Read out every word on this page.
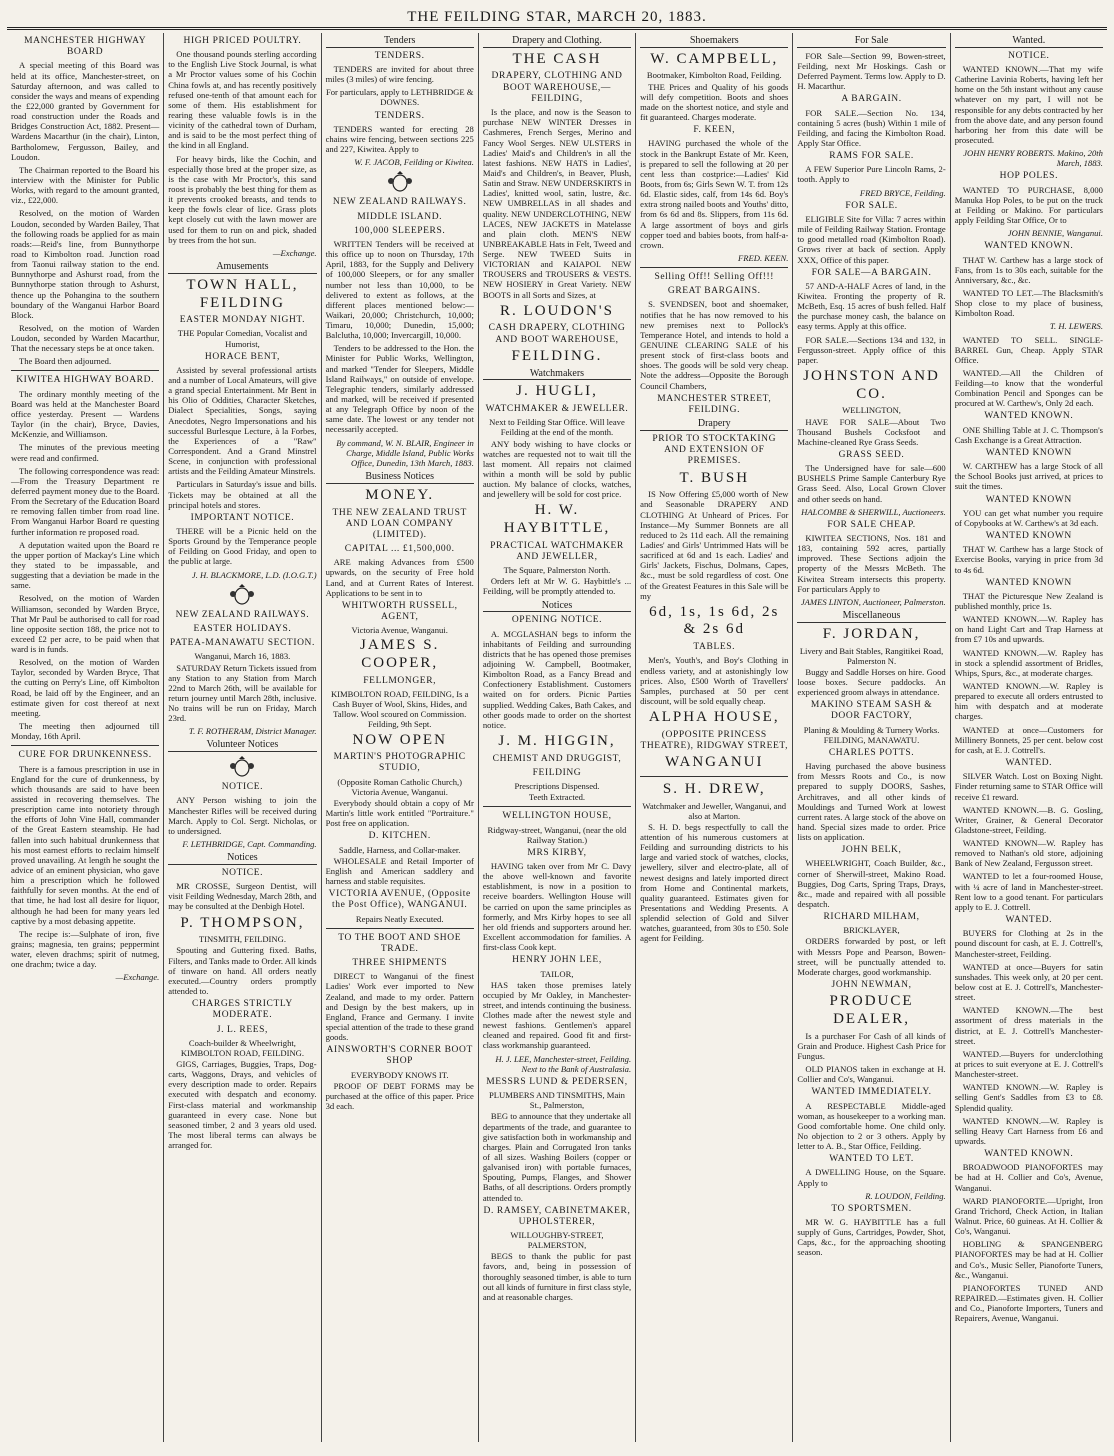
THE FEILDING STAR, MARCH 20, 1883.
MANCHESTER HIGHWAY BOARD

A special meeting of this Board was held at its office, Manchester-street, on Saturday afternoon, and was called to consider the ways and means of expending the £22,000 granted by Government for road construction under the Roads and Bridges Construction Act, 1882. Present—Wardens Macarthur (in the chair), Linton, Bartholomew, Fergusson, Bailey, and Loudon.

The Chairman reported to the Board his interview with the Minister for Public Works, with regard to the amount granted, viz., £22,000.

Resolved, on the motion of Warden Loudon, seconded by Warden Bailey, That the following roads be applied for as main roads:—Reid's line, from Bunnythorpe road to Kimbolton road. Junction road from Taonui railway station to the end. Bunnythorpe and Ashurst road, from the Bunnythorpe station through to Ashurst, thence up the Pohangina to the southern boundary of the Wanganui Harbor Board Block.

Resolved, on the motion of Warden Loudon, seconded by Warden Macarthur, That the necessary steps be at once taken.

The Board then adjourned.

KIWITEA HIGHWAY BOARD.

The ordinary monthly meeting of the Board was held at the Manchester Board office yesterday. Present — Wardens Taylor (in the chair), Bryce, Davies, McKenzie, and Williamson.

The minutes of the previous meeting were read and confirmed.

The following correspondence was read:—From the Treasury Department re deferred payment money due to the Board. From the Secretary of the Education Board re removing fallen timber from road line. From Wanganui Harbor Board re questing further information re proposed road.

A deputation waited upon the Board re the upper portion of Mackay's Line which they stated to be impassable, and suggesting that a deviation be made in the same.

Resolved, on the motion of Warden Williamson, seconded by Warden Bryce, That Mr Paul be authorised to call for road line opposite section 188, the price not to exceed £2 per acre, to be paid when that ward is in funds.

Resolved, on the motion of Warden Taylor, seconded by Warden Bryce, That the cutting on Perry's Line, off Kimbolton Road, be laid off by the Engineer, and an estimate given for cost thereof at next meeting.

The meeting then adjourned till Monday, 16th April.

CURE FOR DRUNKENNESS.

There is a famous prescription in use in England for the cure of drunkenness, by which thousands are said to have been assisted in recovering themselves. The prescription came into notoriety through the efforts of John Vine Hall, commander of the Great Eastern steamship. He had fallen into such habitual drunkenness that his most earnest efforts to reclaim himself proved unavailing. At length he sought the advice of an eminent physician, who gave him a prescription which he followed faithfully for seven months. At the end of that time, he had lost all desire for liquor, although he had been for many years led captive by a most debasing appetite.

The recipe is:—Sulphate of iron, five grains; magnesia, ten grains; peppermint water, eleven drachms; spirit of nutmeg, one drachm; twice a day.

—Exchange.
HIGH PRICED POULTRY.

One thousand pounds sterling according to the English Live Stock Journal, is what a Mr Proctor values some of his Cochin China fowls at, and has recently positively refused one-tenth of that amount each for some of them. His establishment for rearing these valuable fowls is in the vicinity of the cathedral town of Durham, and is said to be the most perfect thing of the kind in all England.

For heavy birds, like the Cochin, and especially those bred at the proper size, as is the case with Mr Proctor's, this sand roost is probably the best thing for them as it prevents crooked breasts, and tends to keep the fowls clear of lice. Grass plots kept closely cut with the lawn mower are used for them to run on and pick, shaded by trees from the hot sun.

—Exchange.
Amusements
TOWN HALL, FEILDING
EASTER MONDAY NIGHT.

THE Popular Comedian, Vocalist and Humorist,

HORACE BENT,

Assisted by several professional artists and a number of Local Amateurs, will give a grand special Entertainment. Mr Bent in his Olio of Oddities, Character Sketches, Dialect Specialities, Songs, saying Anecdotes, Negro Impersonations and his successful Burlesque Lecture, à la Forbes, the Experiences of a "Raw" Correspondent. And a Grand Minstrel Scene, in conjunction with professional artists and the Feilding Amateur Minstrels.

Particulars in Saturday's issue and bills. Tickets may be obtained at all the principal hotels and stores.

IMPORTANT NOTICE.

THERE will be a Picnic held on the Sports Ground by the Temperance people of Feilding on Good Friday, and open to the public at large.

J. H. BLACKMORE, L.D. (I.O.G.T.)
NEW ZEALAND RAILWAYS.
EASTER HOLIDAYS.
PATEA-MANAWATU SECTION.

Wanganui, March 16, 1883.

SATURDAY Return Tickets issued from any Station to any Station from March 22nd to March 26th, will be available for return journey until March 28th, inclusive. No trains will be run on Friday, March 23rd.

T. F. ROTHERAM, District Manager.
Volunteer Notices
NOTICE.

ANY Person wishing to join the Manchester Rifles will be received during March. Apply to Col. Sergt. Nicholas, or to undersigned.

F. LETHBRIDGE, Capt. Commanding.
Notices
NOTICE.

MR CROSSE, Surgeon Dentist, will visit Feilding Wednesday, March 28th, and may be consulted at the Denbigh Hotel.

P. THOMPSON,

TINSMITH, FEILDING.

Spouting and Guttering fixed. Baths, Filters, and Tanks made to Order. All kinds of tinware on hand. All orders neatly executed.—Country orders promptly attended to.

CHARGES STRICTLY MODERATE.
J. L. REES,

Coach-builder & Wheelwright, KIMBOLTON ROAD, FEILDING.

GIGS, Carriages, Buggies, Traps, Dog-carts, Waggons, Drays, and vehicles of every description made to order. Repairs executed with despatch and economy. First-class material and workmanship guaranteed in every case. None but seasoned timber, 2 and 3 years old used. The most liberal terms can always be arranged for.

Tenders
TENDERS.

TENDERS are invited for about three miles (3 miles) of wire fencing.

For particulars, apply to LETHBRIDGE & DOWNES.

TENDERS.

TENDERS wanted for erecting 28 chains wire fencing, between sections 225 and 227, Kiwitea. Apply to

W. F. JACOB, Feilding or Kiwitea.
NEW ZEALAND RAILWAYS.
MIDDLE ISLAND.
100,000 SLEEPERS.

WRITTEN Tenders will be received at this office up to noon on Thursday, 17th April, 1883, for the Supply and Delivery of 100,000 Sleepers, or for any smaller number not less than 10,000, to be delivered to extent as follows, at the different places mentioned below:—Waikari, 20,000; Christchurch, 10,000; Timaru, 10,000; Dunedin, 15,000; Balclutha, 10,000; Invercargill, 10,000.

Tenders to be addressed to the Hon. the Minister for Public Works, Wellington, and marked "Tender for Sleepers, Middle Island Railways," on outside of envelope. Telegraphic tenders, similarly addressed and marked, will be received if presented at any Telegraph Office by noon of the same date. The lowest or any tender not necessarily accepted.

By command, W. N. BLAIR, Engineer in Charge, Middle Island, Public Works Office, Dunedin, 13th March, 1883.
Business Notices
MONEY.
THE NEW ZEALAND TRUST AND LOAN COMPANY (LIMITED).
CAPITAL ... £1,500,000.

ARE making Advances from £500 upwards, on the security of Free hold Land, and at Current Rates of Interest. Applications to be sent in to

WHITWORTH RUSSELL, AGENT,

Victoria Avenue, Wanganui.

JAMES S. COOPER,
FELLMONGER,

KIMBOLTON ROAD, FEILDING, Is a Cash Buyer of Wool, Skins, Hides, and Tallow. Wool scoured on Commission. Feilding, 9th Sept.

NOW OPEN
MARTIN'S PHOTOGRAPHIC STUDIO,

(Opposite Roman Catholic Church,) Victoria Avenue, Wanganui.

Everybody should obtain a copy of Mr Martin's little work entitled "Portraiture." Post free on application.

D. KITCHEN.

Saddle, Harness, and Collar-maker.

WHOLESALE and Retail Importer of English and American saddlery and harness and stable requisites.

VICTORIA AVENUE, (Opposite the Post Office), WANGANUI.

Repairs Neatly Executed.

TO THE BOOT AND SHOE TRADE.
THREE SHIPMENTS

DIRECT to Wanganui of the finest Ladies' Work ever imported to New Zealand, and made to my order. Pattern and Design by the best makers, up in England, France and Germany. I invite special attention of the trade to these grand goods.

AINSWORTH'S CORNER BOOT SHOP

EVERYBODY KNOWS IT.

PROOF OF DEBT FORMS may be purchased at the office of this paper. Price 3d each.

Drapery and Clothing.
THE CASH
DRAPERY, CLOTHING AND BOOT WAREHOUSE,—FEILDING,

Is the place, and now is the Season to purchase NEW WINTER Dresses in Cashmeres, French Serges, Merino and Fancy Wool Serges. NEW ULSTERS in Ladies' Maid's and Children's in all the latest fashions. NEW HATS in Ladies', Maid's and Children's, in Beaver, Plush, Satin and Straw. NEW UNDERSKIRTS in Ladies', knitted wool, satin, lustre, &c. NEW UMBRELLAS in all shades and quality. NEW UNDERCLOTHING, NEW LACES, NEW JACKETS in Matelasse and plain cloth. MEN'S NEW UNBREAKABLE Hats in Felt, Tweed and Serge. NEW TWEED Suits in VICTORIAN and KAIAPOI. NEW TROUSERS and TROUSERS & VESTS. NEW HOSIERY in Great Variety. NEW BOOTS in all Sorts and Sizes, at

R. LOUDON'S
CASH DRAPERY, CLOTHING AND BOOT WAREHOUSE,
FEILDING.
Watchmakers
J. HUGLI,
WATCHMAKER & JEWELLER.

Next to Feilding Star Office. Will leave Feilding at the end of the month.

ANY body wishing to have clocks or watches are requested not to wait till the last moment. All repairs not claimed within a month will be sold by public auction. My balance of clocks, watches, and jewellery will be sold for cost price.

H. W. HAYBITTLE,
PRACTICAL WATCHMAKER AND JEWELLER,

The Square, Palmerston North.

Orders left at Mr W. G. Haybittle's ... Feilding, will be promptly attended to.

Notices
OPENING NOTICE.

A. MCGLASHAN begs to inform the inhabitants of Feilding and surrounding districts that he has opened those premises adjoining W. Campbell, Bootmaker, Kimbolton Road, as a Fancy Bread and Confectionery Establishment. Customers waited on for orders. Picnic Parties supplied. Wedding Cakes, Bath Cakes, and other goods made to order on the shortest notice.

J. M. HIGGIN,
CHEMIST AND DRUGGIST,
FEILDING

Prescriptions Dispensed.

Teeth Extracted.

WELLINGTON HOUSE,

Ridgway-street, Wanganui, (near the old Railway Station.)

MRS KIRBY,

HAVING taken over from Mr C. Davy the above well-known and favorite establishment, is now in a position to receive boarders. Wellington House will be carried on upon the same principles as formerly, and Mrs Kirby hopes to see all her old friends and supporters around her. Excellent accommodation for families. A first-class Cook kept.

HENRY JOHN LEE,

TAILOR,

HAS taken those premises lately occupied by Mr Oakley, in Manchester-street, and intends continuing the business. Clothes made after the newest style and newest fashions. Gentlemen's apparel cleaned and repaired. Good fit and first-class workmanship guaranteed.

H. J. LEE, Manchester-street, Feilding. Next to the Bank of Australasia.
MESSRS LUND & PEDERSEN,

PLUMBERS AND TINSMITHS, Main St., Palmerston,

BEG to announce that they undertake all departments of the trade, and guarantee to give satisfaction both in workmanship and charges. Plain and Corrugated Iron tanks of all sizes. Washing Boilers (copper or galvanised iron) with portable furnaces, Spouting, Pumps, Flanges, and Shower Baths, of all descriptions. Orders promptly attended to.

D. RAMSEY, CABINETMAKER, UPHOLSTERER,

WILLOUGHBY-STREET, PALMERSTON,

BEGS to thank the public for past favors, and, being in possession of thoroughly seasoned timber, is able to turn out all kinds of furniture in first class style, and at reasonable charges.

Shoemakers
W. CAMPBELL,

Bootmaker, Kimbolton Road, Feilding.

THE Prices and Quality of his goods will defy competition. Boots and shoes made on the shortest notice, and style and fit guaranteed. Charges moderate.

F. KEEN,

HAVING purchased the whole of the stock in the Bankrupt Estate of Mr. Keen, is prepared to sell the following at 20 per cent less than costprice:—Ladies' Kid Boots, from 6s; Girls Sewn W. T. from 12s 6d. Elastic sides, calf, from 14s 6d. Boy's extra strong nailed boots and Youths' ditto, from 6s 6d and 8s. Slippers, from 11s 6d. A large assortment of boys and girls copper toed and babies boots, from half-a-crown.

FRED. KEEN.
Selling Off!! Selling Off!!!
GREAT BARGAINS.

S. SVENDSEN, boot and shoemaker, notifies that he has now removed to his new premises next to Pollock's Temperance Hotel, and intends to hold a GENUINE CLEARING SALE of his present stock of first-class boots and shoes. The goods will be sold very cheap. Note the address—Opposite the Borough Council Chambers,

MANCHESTER STREET, FEILDING.
Drapery
PRIOR TO STOCKTAKING AND EXTENSION OF PREMISES.
T. BUSH

IS Now Offering £5,000 worth of New and Seasonable DRAPERY AND CLOTHING At Unheard of Prices. For Instance—My Summer Bonnets are all reduced to 2s 11d each. All the remaining Ladies' and Girls' Untrimmed Hats will be sacrificed at 6d and 1s each. Ladies' and Girls' Jackets, Fischus, Dolmans, Capes, &c., must be sold regardless of cost. One of the Greatest Features in this Sale will be my

6d, 1s, 1s 6d, 2s & 2s 6d
TABLES.

Men's, Youth's, and Boy's Clothing in endless variety, and at astonishingly low prices. Also, £500 Worth of Travellers' Samples, purchased at 50 per cent discount, will be sold equally cheap.

ALPHA HOUSE,
(OPPOSITE PRINCESS THEATRE), RIDGWAY STREET,
WANGANUI
S. H. DREW,

Watchmaker and Jeweller, Wanganui, and also at Marton.

S. H. D. begs respectfully to call the attention of his numerous customers at Feilding and surrounding districts to his large and varied stock of watches, clocks, jewellery, silver and electro-plate, all of newest designs and lately imported direct from Home and Continental markets, quality guaranteed. Estimates given for Presentations and Wedding Presents. A splendid selection of Gold and Silver watches, guaranteed, from 30s to £50. Sole agent for Feilding.

For Sale

FOR Sale—Section 99, Bowen-street, Feilding, next Mr Hoskings. Cash or Deferred Payment. Terms low. Apply to D. H. Macarthur.

A BARGAIN.

FOR SALE.—Section No. 134, containing 5 acres (bush) Within 1 mile of Feilding, and facing the Kimbolton Road. Apply Star Office.

RAMS FOR SALE.

A FEW Superior Pure Lincoln Rams, 2-tooth. Apply to

FRED BRYCE, Feilding.
FOR SALE.

ELIGIBLE Site for Villa: 7 acres within mile of Feilding Railway Station. Frontage to good metalled road (Kimbolton Road). Grows river at back of section. Apply XXX, Office of this paper.

FOR SALE—A BARGAIN.

57 AND-A-HALF Acres of land, in the Kiwitea. Fronting the property of R. McBeth, Esq. 15 acres of bush felled. Half the purchase money cash, the balance on easy terms. Apply at this office.

FOR SALE.—Sections 134 and 132, in Fergusson-street. Apply office of this paper.

JOHNSTON AND CO.

WELLINGTON,

HAVE FOR SALE—About Two Thousand Bushels Cocksfoot and Machine-cleaned Rye Grass Seeds.

GRASS SEED.

The Undersigned have for sale—600 BUSHELS Prime Sample Canterbury Rye Grass Seed. Also, Local Grown Clover and other seeds on hand.

HALCOMBE & SHERWILL, Auctioneers.
FOR SALE CHEAP.

KIWITEA SECTIONS, Nos. 181 and 183, containing 592 acres, partially improved. These Sections adjoin the property of the Messrs McBeth. The Kiwitea Stream intersects this property. For particulars Apply to

JAMES LINTON, Auctioneer, Palmerston.
Miscellaneous
F. JORDAN,

Livery and Bait Stables, Rangitikei Road, Palmerston N.

Buggy and Saddle Horses on hire. Good loose boxes. Secure paddocks. An experienced groom always in attendance.

MAKINO STEAM SASH & DOOR FACTORY,

Planing & Moulding & Turnery Works. FEILDING, MANAWATU.

CHARLES POTTS.

Having purchased the above business from Messrs Roots and Co., is now prepared to supply DOORS, Sashes, Architraves, and all other kinds of Mouldings and Turned Work at lowest current rates. A large stock of the above on hand. Special sizes made to order. Price lists on application.

JOHN BELK,

WHEELWRIGHT, Coach Builder, &c., corner of Sherwill-street, Makino Road. Buggies, Dog Carts, Spring Traps, Drays, &c., made and repaired with all possible despatch.

RICHARD MILHAM,

BRICKLAYER,

ORDERS forwarded by post, or left with Messrs Pope and Pearson, Bowen-street, will be punctually attended to. Moderate charges, good workmanship.

JOHN NEWMAN,
PRODUCE DEALER,

Is a purchaser For Cash of all kinds of Grain and Produce. Highest Cash Price for Fungus.

OLD PIANOS taken in exchange at H. Collier and Co's, Wanganui.

WANTED IMMEDIATELY.

A RESPECTABLE Middle-aged woman, as housekeeper to a working man. Good comfortable home. One child only. No objection to 2 or 3 others. Apply by letter to A. B., Star Office, Feilding.

WANTED TO LET.

A DWELLING House, on the Square. Apply to

R. LOUDON, Feilding.
TO SPORTSMEN.

MR W. G. HAYBITTLE has a full supply of Guns, Cartridges, Powder, Shot, Caps, &c., for the approaching shooting season.

Wanted.
NOTICE.

WANTED KNOWN.—That my wife Catherine Lavinia Roberts, having left her home on the 5th instant without any cause whatever on my part, I will not be responsible for any debts contracted by her from the above date, and any person found harboring her from this date will be prosecuted.

JOHN HENRY ROBERTS. Makino, 20th March, 1883.
HOP POLES.

WANTED TO PURCHASE, 8,000 Manuka Hop Poles, to be put on the truck at Feilding or Makino. For particulars apply Feilding Star Office, Or to

JOHN BENNIE, Wanganui.
WANTED KNOWN.

THAT W. Carthew has a large stock of Fans, from 1s to 30s each, suitable for the Anniversary, &c., &c.

WANTED TO LET.—The Blacksmith's Shop close to my place of business, Kimbolton Road.

T. H. LEWERS.

WANTED TO SELL. SINGLE-BARREL Gun, Cheap. Apply STAR Office.

WANTED.—All the Children of Feilding—to know that the wonderful Combination Pencil and Sponges can be procured at W. Carthew's, Only 2d each.

WANTED KNOWN.

ONE Shilling Table at J. C. Thompson's Cash Exchange is a Great Attraction.

WANTED KNOWN

W. CARTHEW has a large Stock of all the School Books just arrived, at prices to suit the times.

WANTED KNOWN

YOU can get what number you require of Copybooks at W. Carthew's at 3d each.

WANTED KNOWN

THAT W. Carthew has a large Stock of Exercise Books, varying in price from 3d to 4s 6d.

WANTED KNOWN

THAT the Picturesque New Zealand is published monthly, price 1s.

WANTED KNOWN.—W. Rapley has on hand Light Cart and Trap Harness at from £7 10s and upwards.

WANTED KNOWN.—W. Rapley has in stock a splendid assortment of Bridles, Whips, Spurs, &c., at moderate charges.

WANTED KNOWN.—W. Rapley is prepared to execute all orders entrusted to him with despatch and at moderate charges.

WANTED at once—Customers for Millinery Bonnets, 25 per cent. below cost for cash, at E. J. Cottrell's.

WANTED.

SILVER Watch. Lost on Boxing Night. Finder returning same to STAR Office will receive £1 reward.

WANTED KNOWN.—B. G. Gosling, Writer, Grainer, & General Decorator Gladstone-street, Feilding.

WANTED KNOWN—W. Rapley has removed to Nathan's old store, adjoining Bank of New Zealand, Fergusson street.

WANTED to let a four-roomed House, with ¼ acre of land in Manchester-street. Rent low to a good tenant. For particulars apply to E. J. Cottrell.

WANTED.

BUYERS for Clothing at 2s in the pound discount for cash, at E. J. Cottrell's, Manchester-street, Feilding.

WANTED at once—Buyers for satin sunshades. This week only, at 20 per cent. below cost at E. J. Cottrell's, Manchester-street.

WANTED KNOWN.—The best assortment of dress materials in the district, at E. J. Cottrell's Manchester-street.

WANTED.—Buyers for underclothing at prices to suit everyone at E. J. Cottrell's Manchester-street.

WANTED KNOWN.—W. Rapley is selling Gent's Saddles from £3 to £8. Splendid quality.

WANTED KNOWN.—W. Rapley is selling Heavy Cart Harness from £6 and upwards.

WANTED KNOWN.

BROADWOOD PIANOFORTES may be had at H. Collier and Co's, Avenue, Wanganui.

WARD PIANOFORTE.—Upright, Iron Grand Trichord, Check Action, in Italian Walnut. Price, 60 guineas. At H. Collier & Co's, Wanganui.

HOBLING & SPANGENBERG PIANOFORTES may be had at H. Collier and Co's., Music Seller, Pianoforte Tuners, &c., Wanganui.

PIANOFORTES TUNED AND REPAIRED.—Estimates given. H. Collier and Co., Pianoforte Importers, Tuners and Repairers, Avenue, Wanganui.
